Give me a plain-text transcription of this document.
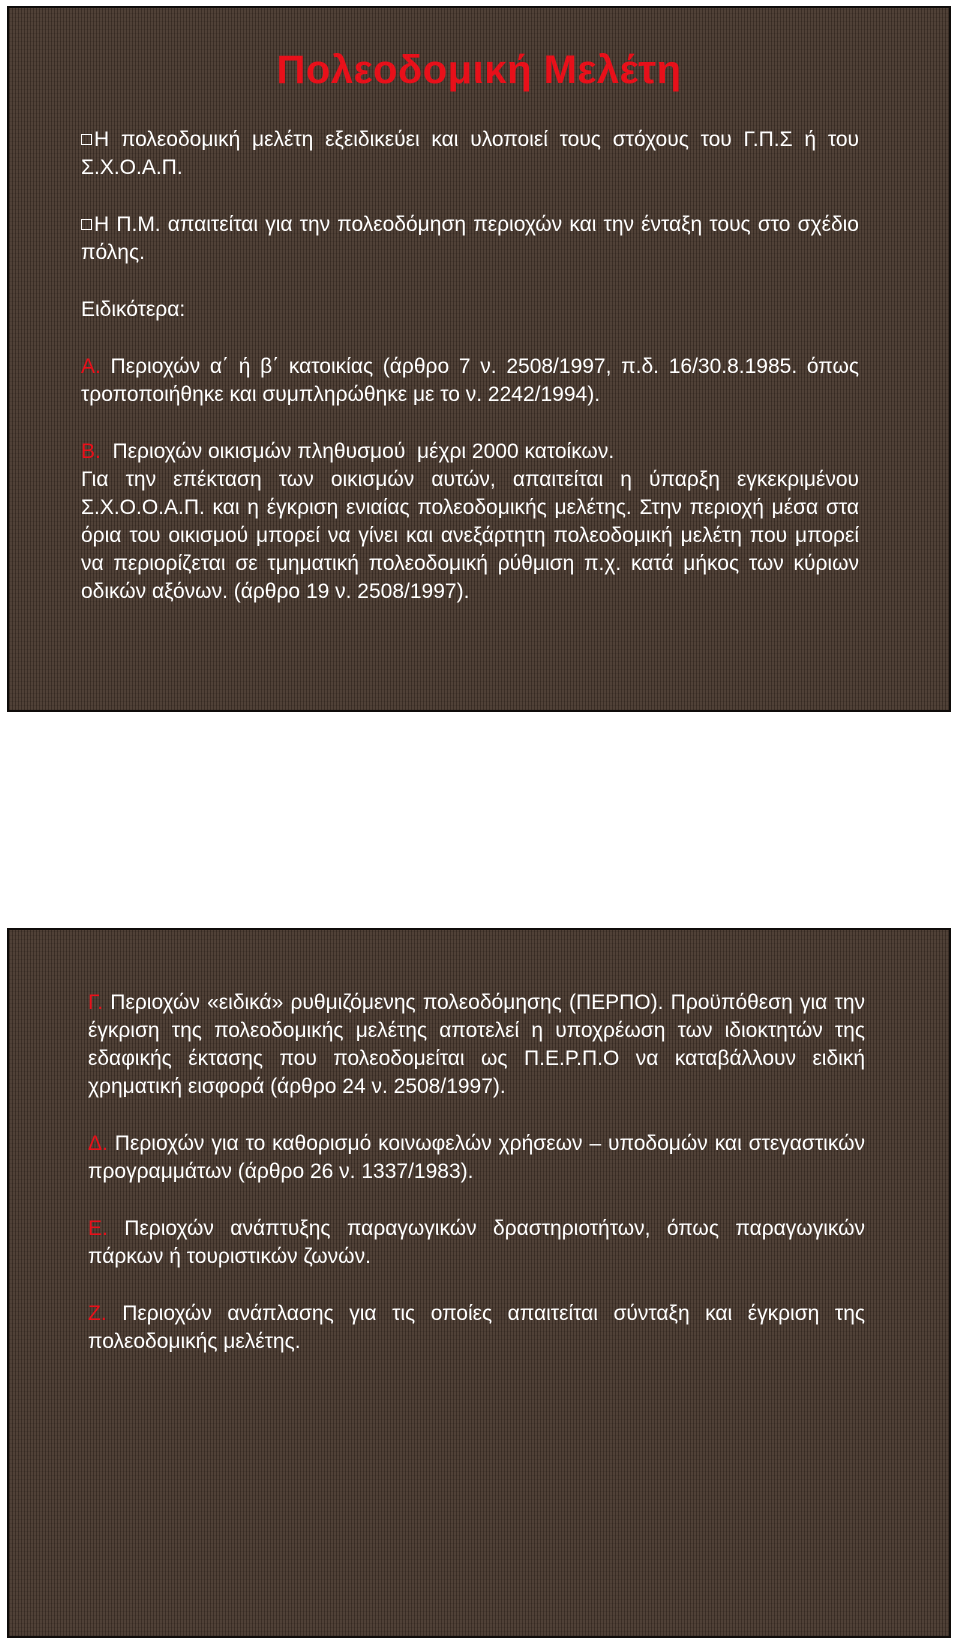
Πολεοδομική Μελέτη

Η πολεοδομική μελέτη εξειδικεύει και υλοποιεί τους στόχους του Γ.Π.Σ ή του Σ.Χ.Ο.Α.Π.

Η Π.Μ. απαιτείται για την πολεοδόμηση περιοχών και την ένταξη τους στο σχέδιο πόλης.

Ειδικότερα:

Α. Περιοχών α΄ ή β΄ κατοικίας (άρθρο 7 ν. 2508/1997, π.δ. 16/30.8.1985. όπως τροποποιήθηκε και συμπληρώθηκε με το ν. 2242/1994).

Β.  Περιοχών οικισμών πληθυσμού  μέχρι 2000 κατοίκων.
Για την επέκταση των οικισμών αυτών, απαιτείται η ύπαρξη εγκεκριμένου Σ.Χ.Ο.Ο.Α.Π. και η έγκριση ενιαίας πολεοδομικής μελέτης. Στην περιοχή μέσα στα όρια του οικισμού μπορεί να γίνει και ανεξάρτητη πολεοδομική μελέτη που μπορεί να περιορίζεται σε τμηματική πολεοδομική ρύθμιση π.χ. κατά μήκος των κύριων οδικών αξόνων. (άρθρο 19 ν. 2508/1997).

Γ. Περιοχών «ειδικά» ρυθμιζόμενης πολεοδόμησης (ΠΕΡΠΟ). Προϋπόθεση για την έγκριση της πολεοδομικής μελέτης αποτελεί η υποχρέωση των ιδιοκτητών της εδαφικής έκτασης που πολεοδομείται ως Π.Ε.Ρ.Π.Ο να καταβάλλουν ειδική χρηματική εισφορά (άρθρο 24 ν. 2508/1997).

Δ. Περιοχών για το καθορισμό κοινωφελών χρήσεων – υποδομών και στεγαστικών προγραμμάτων (άρθρο 26 ν. 1337/1983).

Ε. Περιοχών ανάπτυξης παραγωγικών δραστηριοτήτων, όπως παραγωγικών πάρκων ή τουριστικών ζωνών.

Ζ. Περιοχών ανάπλασης για τις οποίες απαιτείται σύνταξη και έγκριση της πολεοδομικής μελέτης.
